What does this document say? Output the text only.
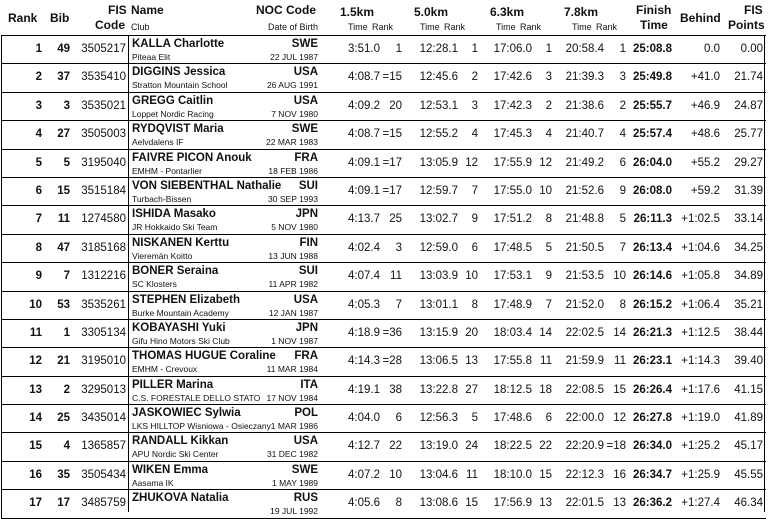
Rank Bib
FIS
Code
Name
Club
NOC Code
Date of Birth
1.5km
Time Rank
5.0km
Time Rank
6.3km
Time Rank
7.8km
Time Rank
Finish
Time Behind
FIS
Points
1	49 3505217 KALLA Charlotte
Piteaa Elit
SWE
22 JUL 1987
3:51.0	1	12:28.1	1	17:06.0	1	20:58.4	1 25:08.8	0.0	0.00
2	37 3535410 DIGGINS Jessica
Stratton Mountain School
USA
26 AUG 1991
4:08.7 =15	12:45.6	2	17:42.6	3	21:39.3	3 25:49.8	+41.0	21.74
3	3 3535021 GREGG Caitlin
Loppet Nordic Racing
USA
7 NOV 1980
4:09.2 20	12:53.1	3	17:42.3	2	21:38.6	2 25:55.7	+46.9	24.87
4	27 3505003 RYDQVIST Maria
Aelvdalens IF
SWE
22 MAR 1983
4:08.7 =15	12:55.2	4	17:45.3	4	21:40.7	4 25:57.4	+48.6	25.77
5	5 3195040 FAIVRE PICON Anouk
EMHM - Pontarlier
FRA
18 FEB 1986
4:09.1 =17	13:05.9 12	17:55.9 12	21:49.2	6 26:04.0	+55.2	29.27
6	15 3515184 VON SIEBENTHAL Nathalie
Turbach-Bissen
SUI
30 SEP 1993
4:09.1 =17	12:59.7	7	17:55.0 10	21:52.6	9 26:08.0	+59.2	31.39
7	11 1274580 ISHIDA Masako
JR Hokkaido Ski Team
JPN
5 NOV 1980
4:13.7 25	13:02.7	9	17:51.2	8	21:48.8	5 26:11.3 +1:02.5	33.14
8	47 3185168 NISKANEN Kerttu
Vieremän Koitto
FIN
13 JUN 1988
4:02.4	3	12:59.0	6	17:48.5	5	21:50.5	7 26:13.4 +1:04.6	34.25
9	7 1312216 BONER Seraina
SC Klosters
SUI
11 APR 1982
4:07.4 11	13:03.9 10	17:53.1	9	21:53.5 10 26:14.6 +1:05.8	34.89
10	53 3535261 STEPHEN Elizabeth
Burke Mountain Academy
USA
12 JAN 1987
4:05.3	7	13:01.1	8	17:48.9	7	21:52.0	8 26:15.2 +1:06.4	35.21
11	1 3305134 KOBAYASHI Yuki
Gifu Hino Motors Ski Club
JPN
1 NOV 1987
4:18.9 =36	13:15.9 20	18:03.4 14	22:02.5 14 26:21.3 +1:12.5	38.44
12	21 3195010 THOMAS HUGUE Coraline
EMHM - Crevoux
FRA
11 MAR 1984
4:14.3 =28	13:06.5 13	17:55.8 11	21:59.9 11 26:23.1 +1:14.3	39.40
13	2 3295013 PILLER Marina
C.S. FORESTALE DELLO STATO
ITA
17 NOV 1984
4:19.1 38	13:22.8 27	18:12.5 18	22:08.5 15 26:26.4 +1:17.6	41.15
14	25 3435014 JASKOWIEC Sylwia
LKS HILLTOP Wisniowa - Osieczany
POL
1 MAR 1986
4:04.0	6	12:56.3	5	17:48.6	6	22:00.0 12 26:27.8 +1:19.0	41.89
15	4 1365857 RANDALL Kikkan
APU Nordic Ski Center
USA
31 DEC 1982
4:12.7 22	13:19.0 24	18:22.5 22	22:20.9 =18 26:34.0 +1:25.2	45.17
16	35 3505434 WIKEN Emma
Aasama IK
SWE
1 MAY 1989
4:07.2 10	13:04.6 11	18:10.0 15	22:12.3 16 26:34.7 +1:25.9	45.55
17	17 3485759 ZHUKOVA Natalia	RUS
19 JUL 1992
4:05.6	8	13:08.6 15	17:56.9 13	22:01.5 13 26:36.2 +1:27.4	46.34
